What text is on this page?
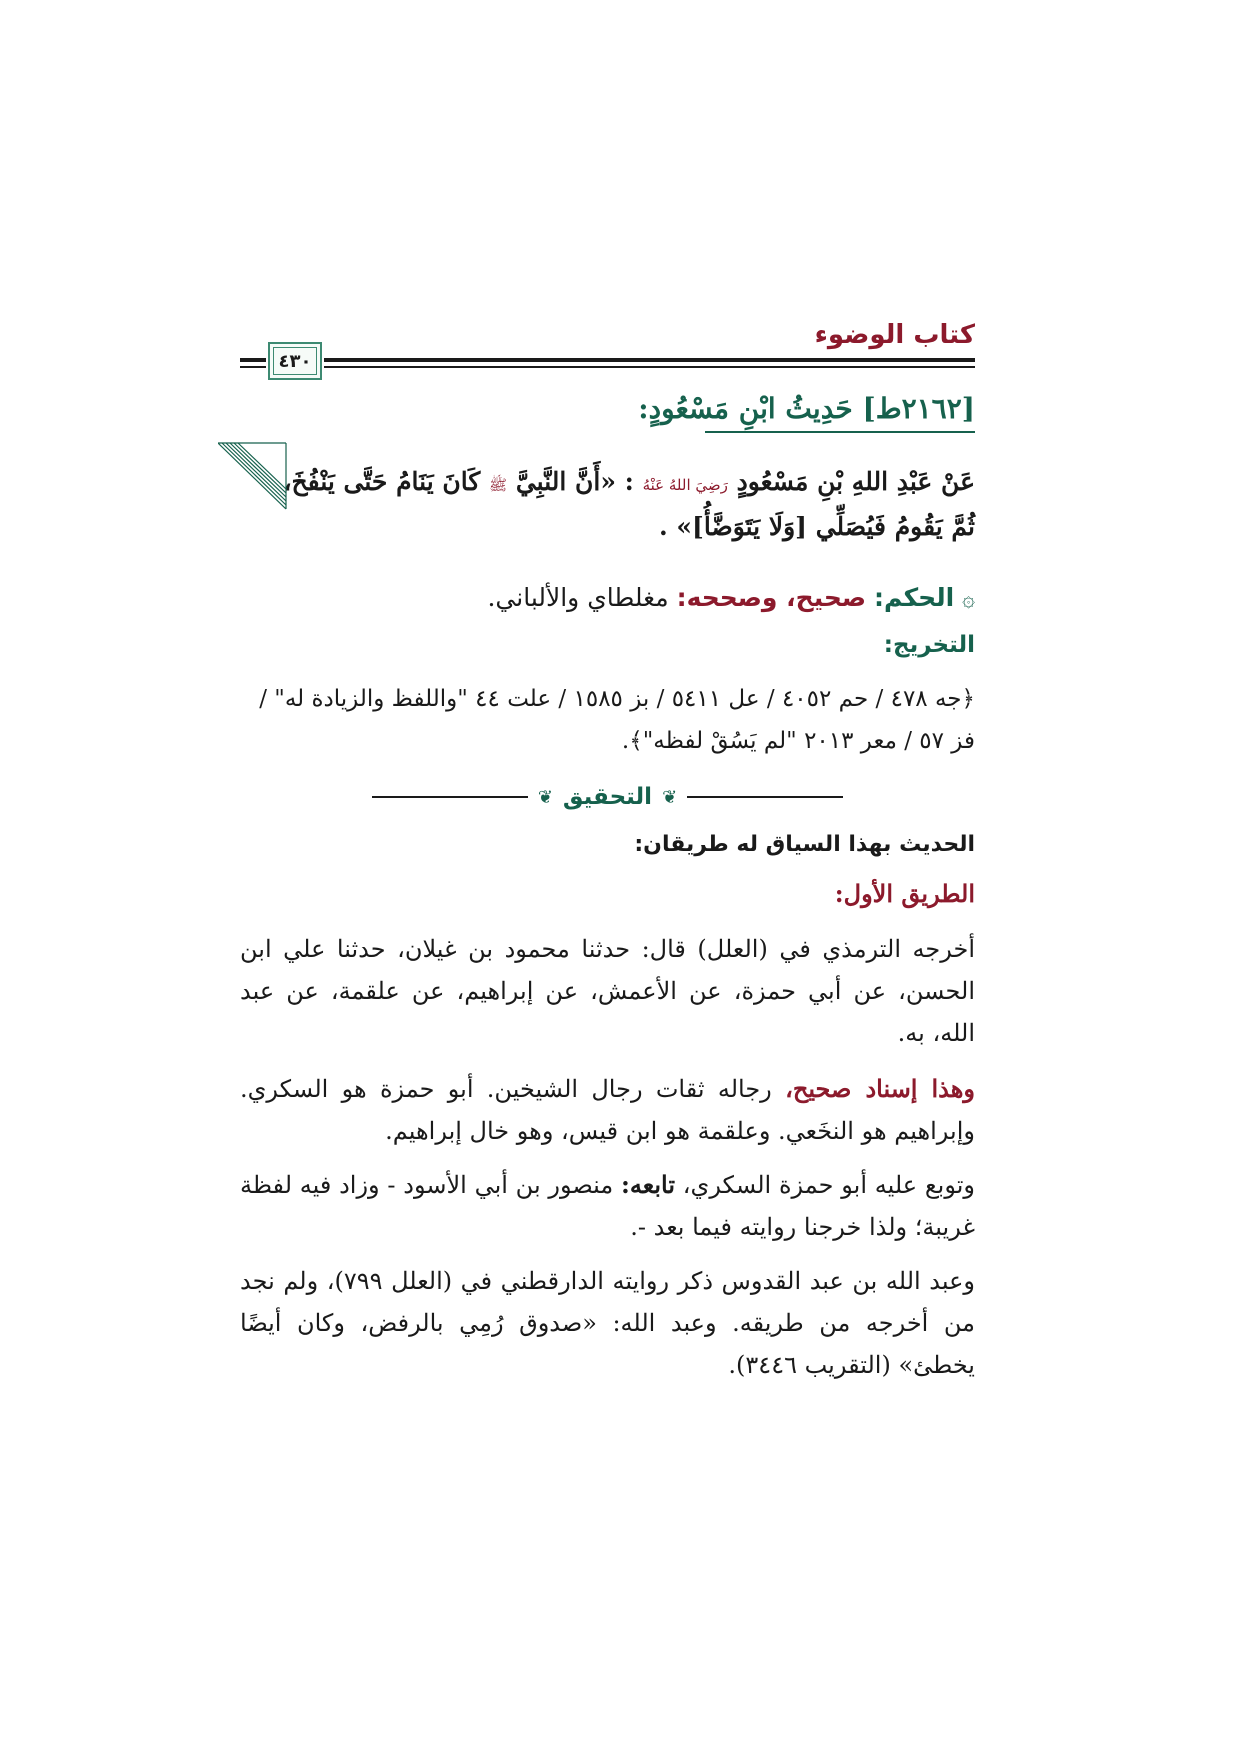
كتاب الوضوء
٤٣٠
[٢١٦٢ط] حَدِيثُ ابْنِ مَسْعُودٍ:
عَنْ عَبْدِ اللهِ بْنِ مَسْعُودٍ رَضِيَ اللهُ عَنْهُ : «أَنَّ النَّبِيَّ ﷺ كَانَ يَنَامُ حَتَّى يَنْفُخَ، ثُمَّ يَقُومُ فَيُصَلِّي [وَلَا يَتَوَضَّأُ]» .
۞ الحكم: صحيح، وصححه: مغلطاي والألباني.
التخريج:
﴿جه ٤٧٨ / حم ٤٠٥٢ / عل ٥٤١١ / بز ١٥٨٥ / علت ٤٤ "واللفظ والزيادة له" / فز ٥٧ / معر ٢٠١٣ "لم يَسُقْ لفظه"﴾.
❦
التحقيق
❦
الحديث بهذا السياق له طريقان:
الطريق الأول:

أخرجه الترمذي في (العلل) قال: حدثنا محمود بن غيلان، حدثنا علي ابن الحسن، عن أبي حمزة، عن الأعمش، عن إبراهيم، عن علقمة، عن عبد الله، به.

وهذا إسناد صحيح، رجاله ثقات رجال الشيخين. أبو حمزة هو السكري. وإبراهيم هو النخَعي. وعلقمة هو ابن قيس، وهو خال إبراهيم.

وتوبع عليه أبو حمزة السكري، تابعه: منصور بن أبي الأسود - وزاد فيه لفظة غريبة؛ ولذا خرجنا روايته فيما بعد -.

وعبد الله بن عبد القدوس ذكر روايته الدارقطني في (العلل ٧٩٩)، ولم نجد من أخرجه من طريقه. وعبد الله: «صدوق رُمِي بالرفض، وكان أيضًا يخطئ» (التقريب ٣٤٤٦).
